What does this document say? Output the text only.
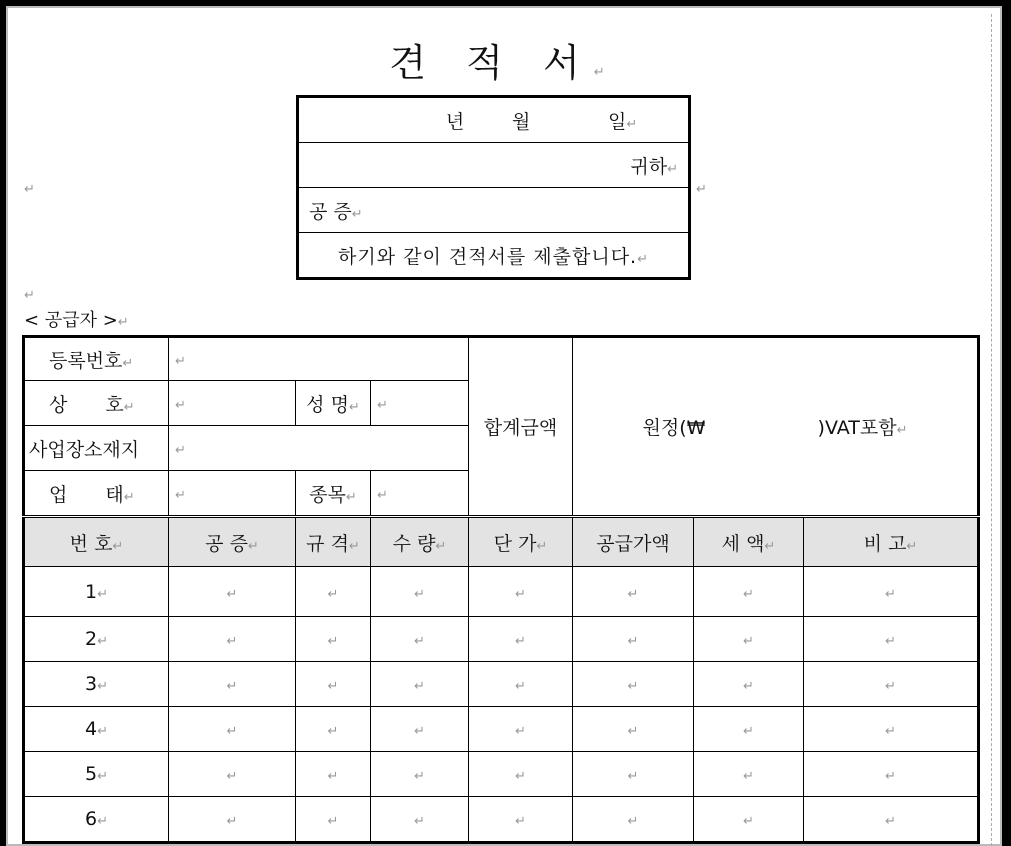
견 적 서↵
↵	↵
↵
년	월	일↵
귀하↵
공 증↵
하기와 같이 견적서를 제출합니다.↵
< 공급자 >↵
등록번호↵	↵			합계금액	원정(₩ )VAT포함↵		
상　　호↵	↵	성 명↵	↵				
사업장소재지	↵						
업　　태↵	↵	종목↵	↵				
번 호↵	공 증↵	규 격↵	수 량↵	단 가↵	공급가액	세 액↵	비 고↵
1↵	↵	↵	↵	↵	↵	↵	↵
2↵	↵	↵	↵	↵	↵	↵	↵
3↵	↵	↵	↵	↵	↵	↵	↵
4↵	↵	↵	↵	↵	↵	↵	↵
5↵	↵	↵	↵	↵	↵	↵	↵
6↵	↵	↵	↵	↵	↵	↵	↵
